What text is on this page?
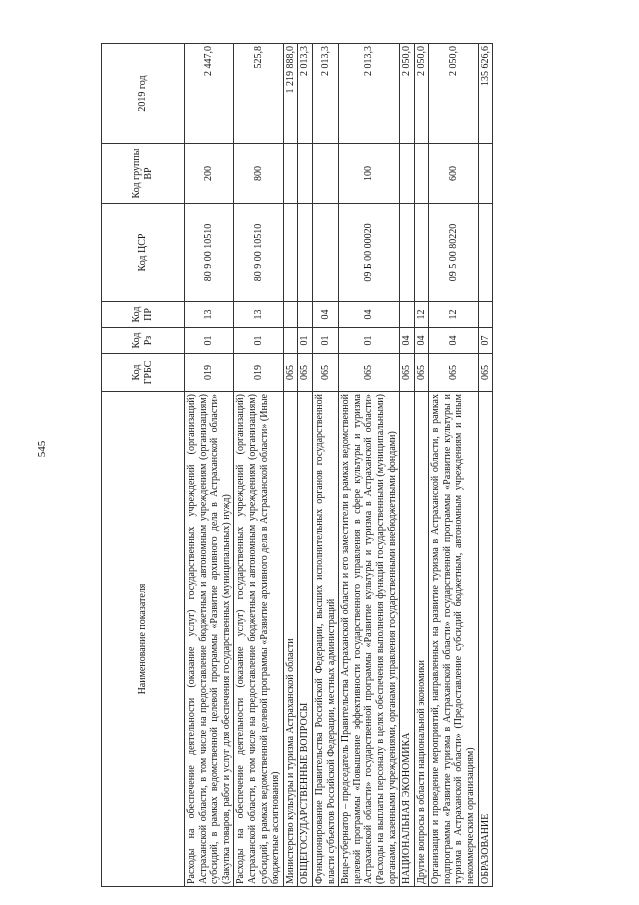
545
Наименование показателя	Код ГРБС	Код Рз	Код ПР	Код ЦСР	Код группы ВР	2019 год
Расходы на обеспечение деятельности (оказание услуг) государственных учреждений (организаций) Астраханской области, в том числе на предоставление бюджетным и автономным учреждениям (организациям) субсидий, в рамках ведомственной целевой программы «Развитие архивного дела в Астраханской области» (Закупка товаров, работ и услуг для обеспечения государственных (муниципальных) нужд)	019	01	13	80 9 00 10510	200	2 447,0
Расходы на обеспечение деятельности (оказание услуг) государственных учреждений (организаций) Астраханской области, в том числе на предоставление бюджетным и автономным учреждениям (организациям) субсидий, в рамках ведомственной целевой программы «Развитие архивного дела в Астраханской области» (Иные бюджетные ассигнования)	019	01	13	80 9 00 10510	800	525,8
Министерство культуры и туризма Астраханской области	065					1 219 888,0
ОБЩЕГОСУДАРСТВЕННЫЕ ВОПРОСЫ	065	01				2 013,3
Функционирование Правительства Российской Федерации, высших исполнительных органов государственной власти субъектов Российской Федерации, местных администраций	065	01	04			2 013,3
Вице-губернатор – председатель Правительства Астраханской области и его заместители в рамках ведомственной целевой программы «Повышение эффективности государственного управления в сфере культуры и туризма Астраханской области» государственной программы «Развитие культуры и туризма в Астраханской области» (Расходы на выплаты персоналу в целях обеспечения выполнения функций государственными (муниципальными) органами, казенными учреждениями, органами управления государственными внебюджетными фондами)	065	01	04	09 Б 00 00020	100	2 013,3
НАЦИОНАЛЬНАЯ ЭКОНОМИКА	065	04				2 050,0
Другие вопросы в области национальной экономики	065	04	12			2 050,0
Организация и проведение мероприятий, направленных на развитие туризма в Астраханской области, в рамках подпрограммы «Развитие туризма в Астраханской области» государственной программы «Развитие культуры и туризма в Астраханской области» (Предоставление субсидий бюджетным, автономным учреждениям и иным некоммерческим организациям)	065	04	12	09 5 00 80220	600	2 050,0
ОБРАЗОВАНИЕ	065	07				135 626,6
